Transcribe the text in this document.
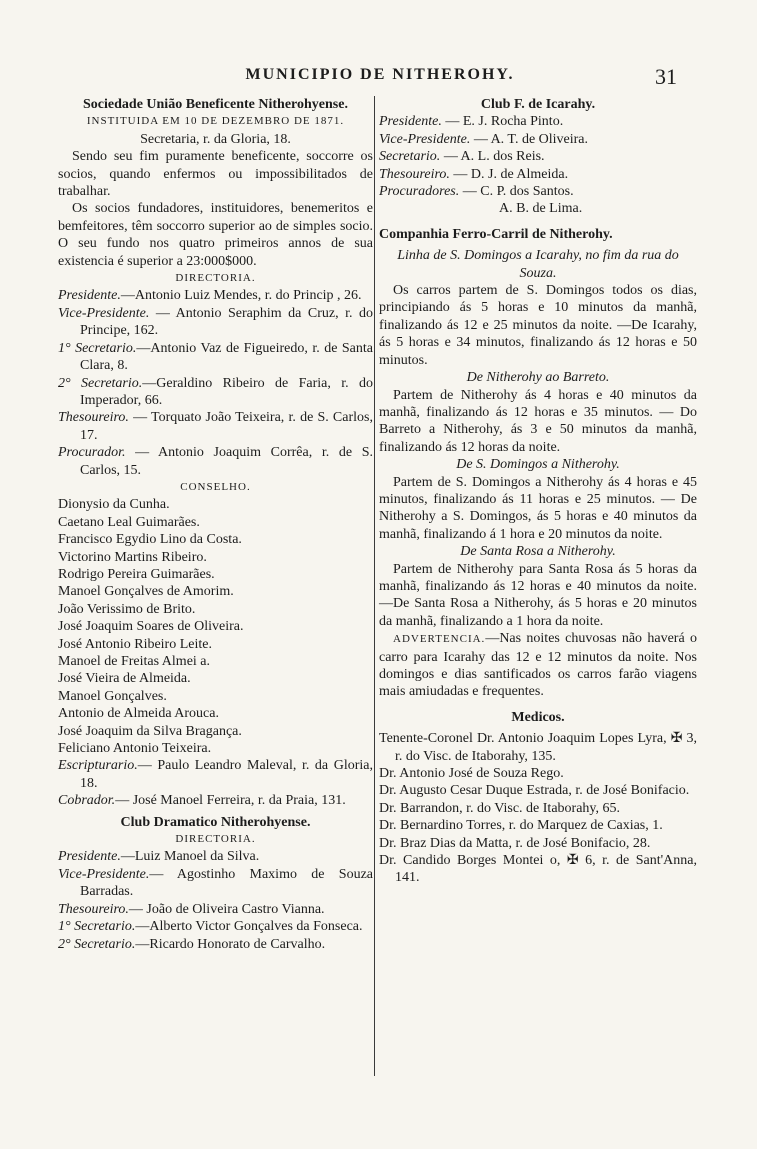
MUNICIPIO DE NITHEROHY.	31
Sociedade União Beneficente Nitherohyense.
INSTITUIDA EM 10 DE DEZEMBRO DE 1871.
Secretaria, r. da Gloria, 18.
Sendo seu fim puramente beneficente, soccorre os socios, quando enfermos ou impossibilitados de trabalhar.
Os socios fundadores, instituidores, benemeritos e bemfeitores, têm soccorro superior ao de simples socio. O seu fundo nos quatro primeiros annos de sua existencia é superior a 23:000$000.
DIRECTORIA.
Presidente.—Antonio Luiz Mendes, r. do Princip , 26.
Vice-Presidente. — Antonio Seraphim da Cruz, r. do Principe, 162.
1° Secretario.—Antonio Vaz de Figueiredo, r. de Santa Clara, 8.
2° Secretario.—Geraldino Ribeiro de Faria, r. do Imperador, 66.
Thesoureiro. — Torquato João Teixeira, r. de S. Carlos, 17.
Procurador. — Antonio Joaquim Corrêa, r. de S. Carlos, 15.
CONSELHO.
Dionysio da Cunha.
Caetano Leal Guimarães.
Francisco Egydio Lino da Costa.
Victorino Martins Ribeiro.
Rodrigo Pereira Guimarães.
Manoel Gonçalves de Amorim.
João Verissimo de Brito.
José Joaquim Soares de Oliveira.
José Antonio Ribeiro Leite.
Manoel de Freitas Almei a.
José Vieira de Almeida.
Manoel Gonçalves.
Antonio de Almeida Arouca.
José Joaquim da Silva Bragança.
Feliciano Antonio Teixeira.
Escripturario.— Paulo Leandro Maleval, r. da Gloria, 18.
Cobrador.— José Manoel Ferreira, r. da Praia, 131.
Club Dramatico Nitherohyense.
DIRECTORIA.
Presidente.—Luiz Manoel da Silva.
Vice-Presidente.— Agostinho Maximo de Souza Barradas.
Thesoureiro.— João de Oliveira Castro Vianna.
1° Secretario.—Alberto Victor Gonçalves da Fonseca.
2° Secretario.—Ricardo Honorato de Carvalho.
Club F. de Icarahy.
Presidente. — E. J. Rocha Pinto.
Vice-Presidente. — A. T. de Oliveira.
Secretario. — A. L. dos Reis.
Thesoureiro. — D. J. de Almeida.
Procuradores. — C. P. dos Santos.
A. B. de Lima.
Companhia Ferro-Carril de Nitherohy.
Linha de S. Domingos a Icarahy, no fim da rua do Souza.
Os carros partem de S. Domingos todos os dias, principiando ás 5 horas e 10 minutos da manhã, finalizando ás 12 e 25 minutos da noite. —De Icarahy, ás 5 horas e 34 minutos, finalizando ás 12 horas e 50 minutos.
De Nitherohy ao Barreto.
Partem de Nitherohy ás 4 horas e 40 minutos da manhã, finalizando ás 12 horas e 35 minutos. — Do Barreto a Nitherohy, ás 3 e 50 minutos da manhã, finalizando ás 12 horas da noite.
De S. Domingos a Nitherohy.
Partem de S. Domingos a Nitherohy ás 4 horas e 45 minutos, finalizando ás 11 horas e 25 minutos. — De Nitherohy a S. Domingos, ás 5 horas e 40 minutos da manhã, finalizando á 1 hora e 20 minutos da noite.
De Santa Rosa a Nitherohy.
Partem de Nitherohy para Santa Rosa ás 5 horas da manhã, finalizando ás 12 horas e 40 minutos da noite. —De Santa Rosa a Nitherohy, ás 5 horas e 20 minutos da manhã, finalizando a 1 hora da noite.
ADVERTENCIA.—Nas noites chuvosas não haverá o carro para Icarahy das 12 e 12 minutos da noite. Nos domingos e dias santificados os carros farão viagens mais amiudadas e frequentes.
Medicos.
Tenente-Coronel Dr. Antonio Joaquim Lopes Lyra, ✠ 3, r. do Visc. de Itaborahy, 135.
Dr. Antonio José de Souza Rego.
Dr. Augusto Cesar Duque Estrada, r. de José Bonifacio.
Dr. Barrandon, r. do Visc. de Itaborahy, 65.
Dr. Bernardino Torres, r. do Marquez de Caxias, 1.
Dr. Braz Dias da Matta, r. de José Bonifacio, 28.
Dr. Candido Borges Montei o, ✠ 6, r. de Sant'Anna, 141.
